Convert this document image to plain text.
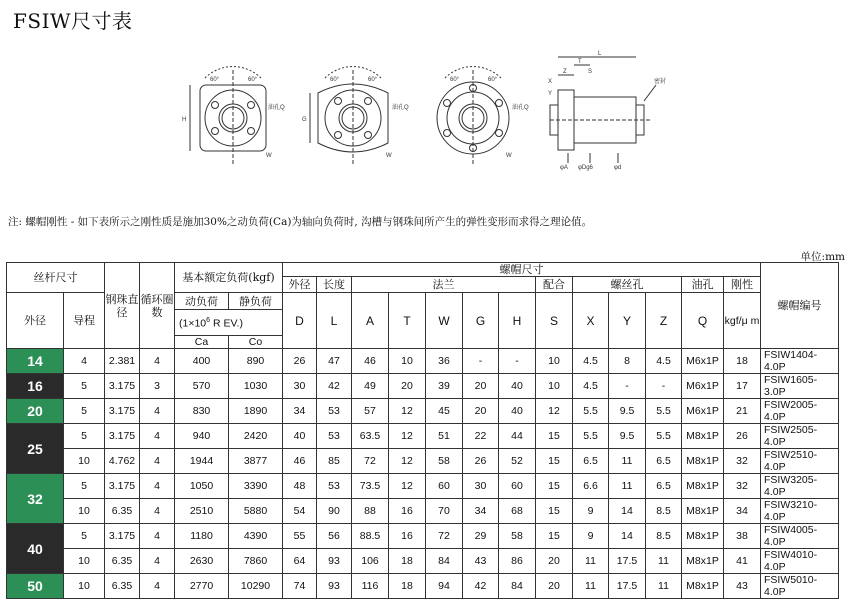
FSIW尺寸表
60°	60°
H
W
油孔Q
60°	60°
G
W
油孔Q
60°	60°
W
油孔Q
L
T
S
Z
Y
X
φA φDg6	φd
密封
注: 螺帽刚性 - 如下表所示之刚性质是施加30%之动负荷(Ca)为轴向负荷时, 沟槽与钢珠间所产生的弹性变形而求得之理论值。
单位:mm
丝杆尺寸		钢珠直径	循环圈数	基本额定负荷(kgf)		螺帽尺寸													螺帽编号
						外径	长度	法兰					配合	螺丝孔			油孔	刚性	
外径	导程			动负荷	静负荷	D	L	A	T	W	G	H	S	X	Y	Z	Q	kgf/μ m	
				($1\times 10^6$ R EV.)															
				Ca	Co														
14	4	2.381	4	400	890	26	47	46	10	36	-	-	10	4.5	8	4.5	M6x1P	18	FSIW1404-4.0P
16	5	3.175	3	570	1030	30	42	49	20	39	20	40	10	4.5	-	-	M6x1P	17	FSIW1605-3.0P
20	5	3.175	4	830	1890	34	53	57	12	45	20	40	12	5.5	9.5	5.5	M6x1P	21	FSIW2005-4.0P
25	5	3.175	4	940	2420	40	53	63.5	12	51	22	44	15	5.5	9.5	5.5	M8x1P	26	FSIW2505-4.0P
	10	4.762	4	1944	3877	46	85	72	12	58	26	52	15	6.5	11	6.5	M8x1P	32	FSIW2510-4.0P
32	5	3.175	4	1050	3390	48	53	73.5	12	60	30	60	15	6.6	11	6.5	M8x1P	32	FSIW3205-4.0P
	10	6.35	4	2510	5880	54	90	88	16	70	34	68	15	9	14	8.5	M8x1P	34	FSIW3210-4.0P
40	5	3.175	4	1180	4390	55	56	88.5	16	72	29	58	15	9	14	8.5	M8x1P	38	FSIW4005-4.0P
	10	6.35	4	2630	7860	64	93	106	18	84	43	86	20	11	17.5	11	M8x1P	41	FSIW4010-4.0P
50	10	6.35	4	2770	10290	74	93	116	18	94	42	84	20	11	17.5	11	M8x1P	43	FSIW5010-4.0P
